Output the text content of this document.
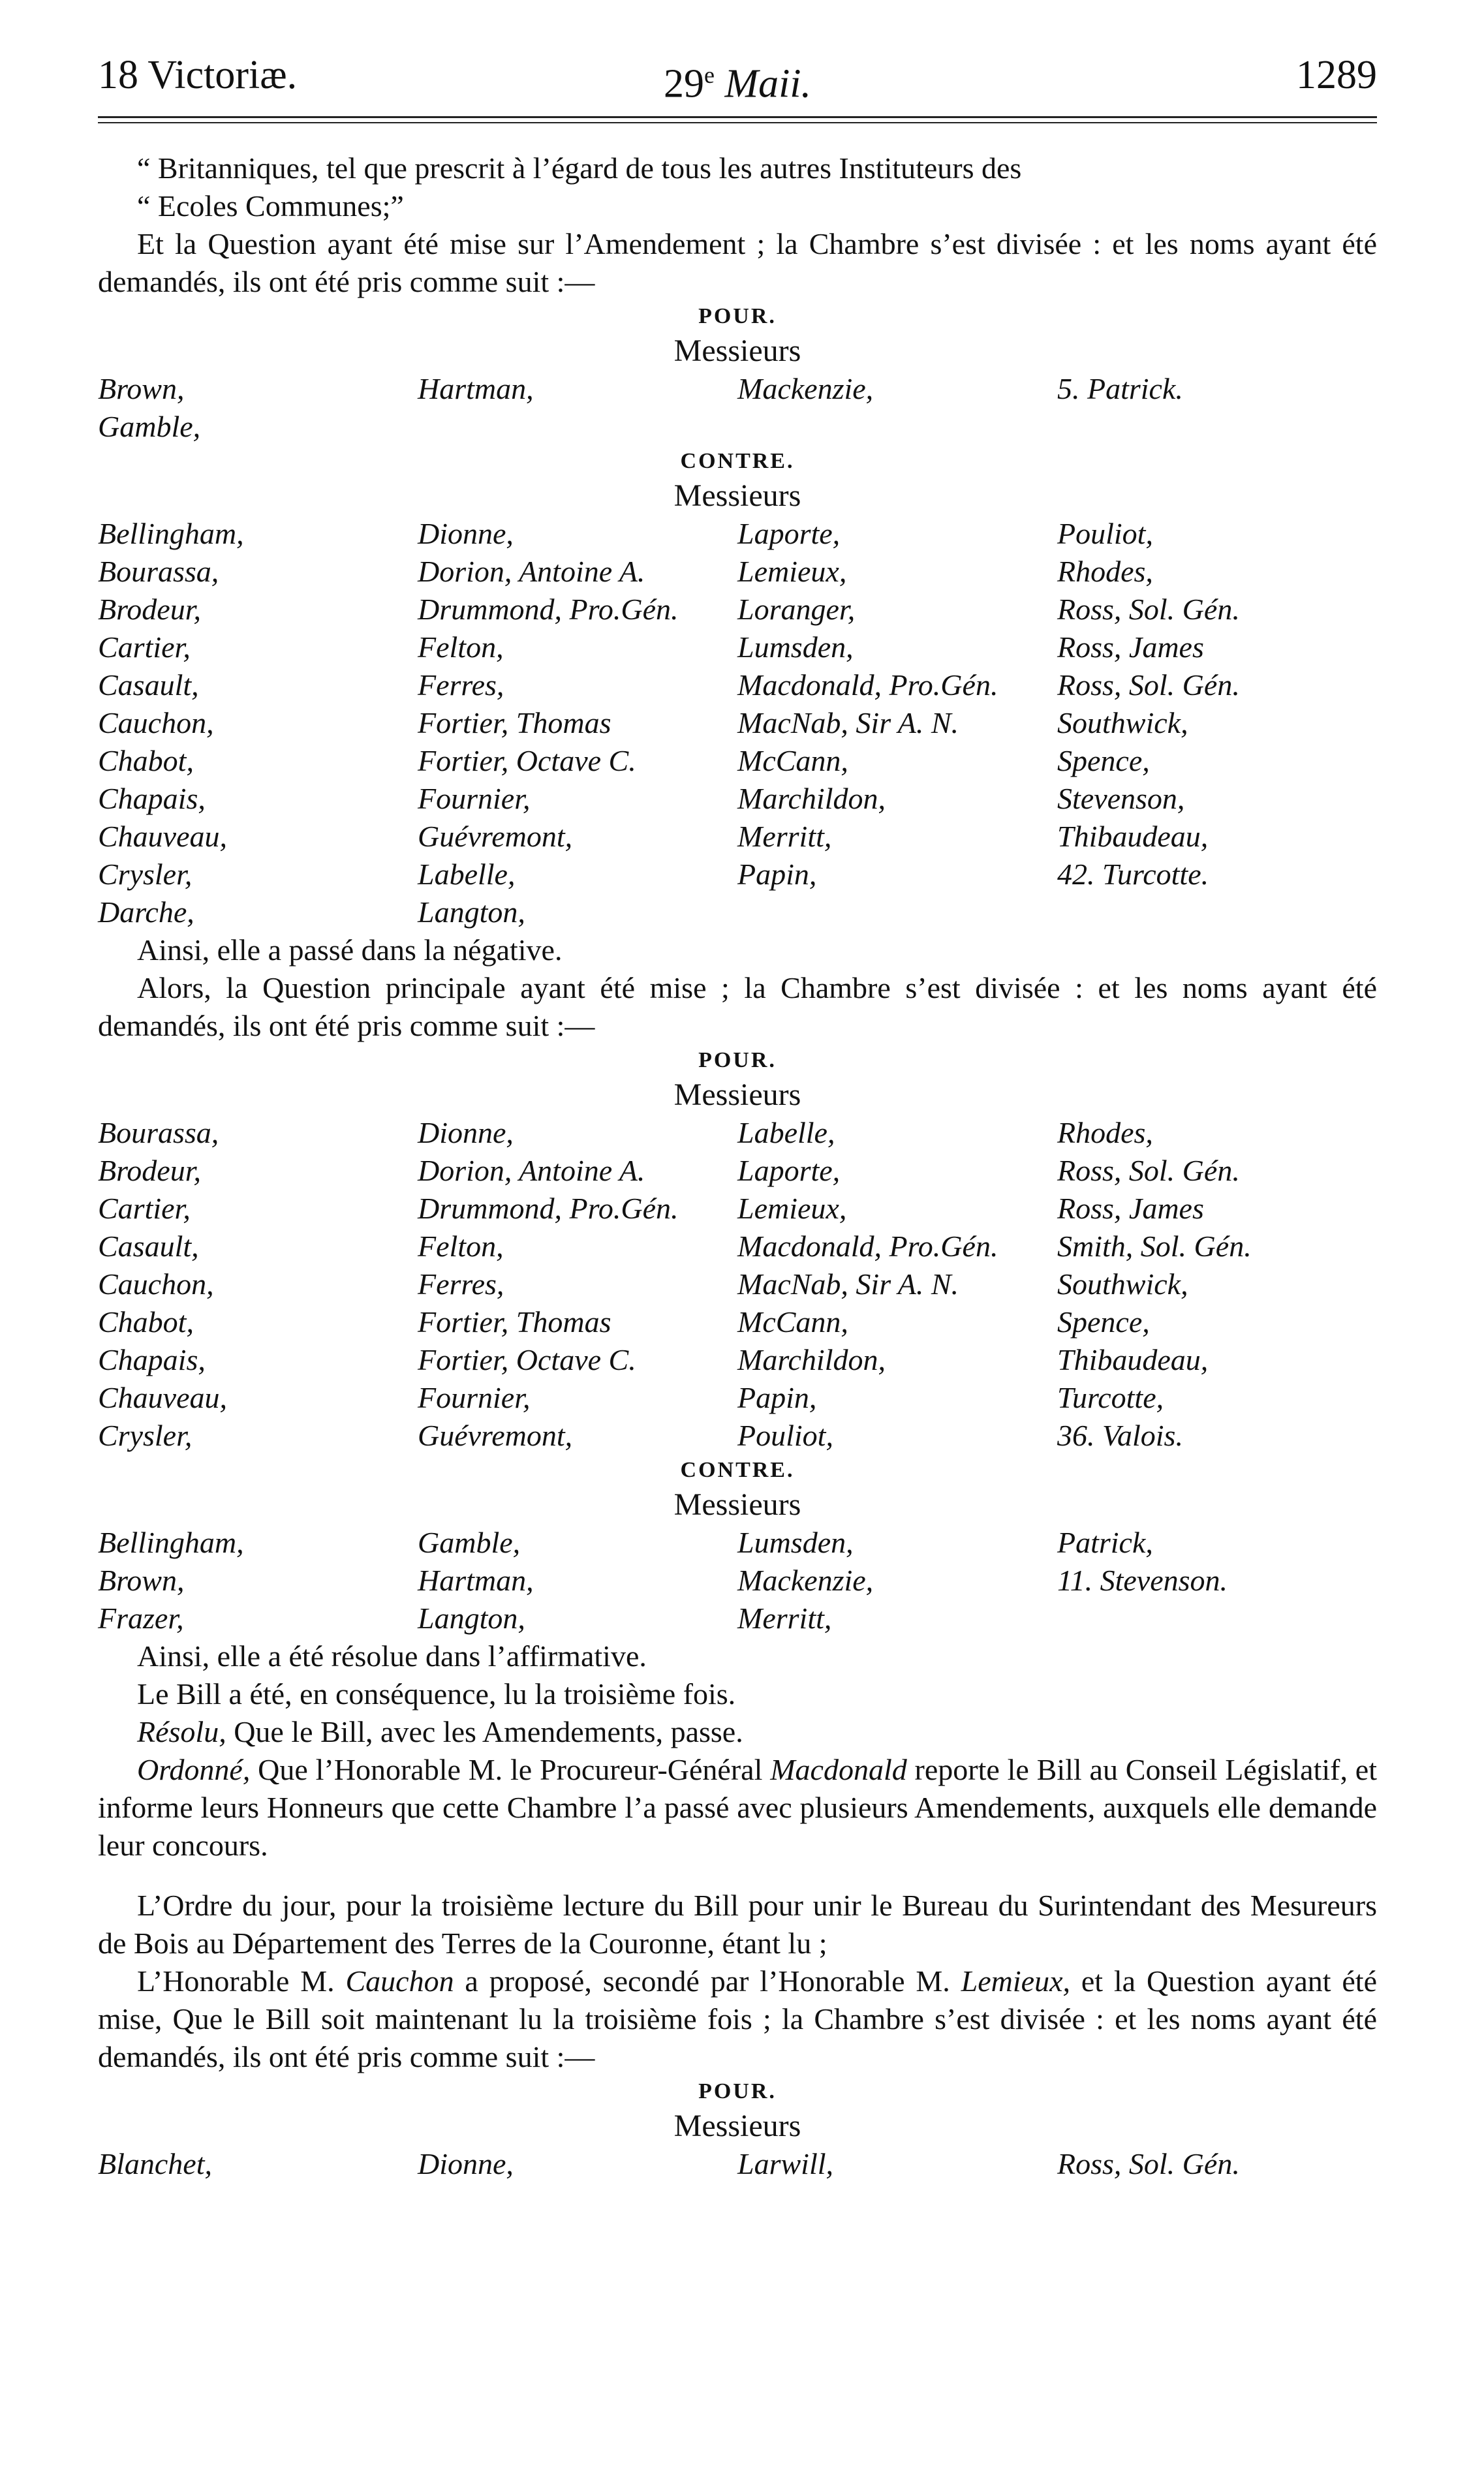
18 Victoriæ.	29e Maii.	1289

“ Britanniques, tel que prescrit à l’égard de tous les autres Instituteurs des

“ Ecoles Communes;”

Et la Question ayant été mise sur l’Amendement ; la Chambre s’est divisée : et les noms ayant été demandés, ils ont été pris comme suit :—

POUR.
Messieurs
Brown,	Hartman,	Mackenzie,	5. Patrick.
Gamble,			
CONTRE.
Messieurs
Bellingham,	Dionne,	Laporte,	Pouliot,
Bourassa,	Dorion, Antoine A.	Lemieux,	Rhodes,
Brodeur,	Drummond, Pro.Gén.	Loranger,	Ross, Sol. Gén.
Cartier,	Felton,	Lumsden,	Ross, James
Casault,	Ferres,	Macdonald, Pro.Gén.	Ross, Sol. Gén.
Cauchon,	Fortier, Thomas	MacNab, Sir A. N.	Southwick,
Chabot,	Fortier, Octave C.	McCann,	Spence,
Chapais,	Fournier,	Marchildon,	Stevenson,
Chauveau,	Guévremont,	Merritt,	Thibaudeau,
Crysler,	Labelle,	Papin,	42. Turcotte.
Darche,	Langton,		

Ainsi, elle a passé dans la négative.

Alors, la Question principale ayant été mise ; la Chambre s’est divisée : et les noms ayant été demandés, ils ont été pris comme suit :—

POUR.
Messieurs
Bourassa,	Dionne,	Labelle,	Rhodes,
Brodeur,	Dorion, Antoine A.	Laporte,	Ross, Sol. Gén.
Cartier,	Drummond, Pro.Gén.	Lemieux,	Ross, James
Casault,	Felton,	Macdonald, Pro.Gén.	Smith, Sol. Gén.
Cauchon,	Ferres,	MacNab, Sir A. N.	Southwick,
Chabot,	Fortier, Thomas	McCann,	Spence,
Chapais,	Fortier, Octave C.	Marchildon,	Thibaudeau,
Chauveau,	Fournier,	Papin,	Turcotte,
Crysler,	Guévremont,	Pouliot,	36. Valois.
CONTRE.
Messieurs
Bellingham,	Gamble,	Lumsden,	Patrick,
Brown,	Hartman,	Mackenzie,	11. Stevenson.
Frazer,	Langton,	Merritt,	

Ainsi, elle a été résolue dans l’affirmative.

Le Bill a été, en conséquence, lu la troisième fois.

Résolu, Que le Bill, avec les Amendements, passe.

Ordonné, Que l’Honorable M. le Procureur-Général Macdonald reporte le Bill au Conseil Législatif, et informe leurs Honneurs que cette Chambre l’a passé avec plusieurs Amendements, auxquels elle demande leur concours.

L’Ordre du jour, pour la troisième lecture du Bill pour unir le Bureau du Surintendant des Mesureurs de Bois au Département des Terres de la Couronne, étant lu ;

L’Honorable M. Cauchon a proposé, secondé par l’Honorable M. Lemieux, et la Question ayant été mise, Que le Bill soit maintenant lu la troisième fois ; la Chambre s’est divisée : et les noms ayant été demandés, ils ont été pris comme suit :—

POUR.
Messieurs
Blanchet,	Dionne,	Larwill,	Ross, Sol. Gén.
